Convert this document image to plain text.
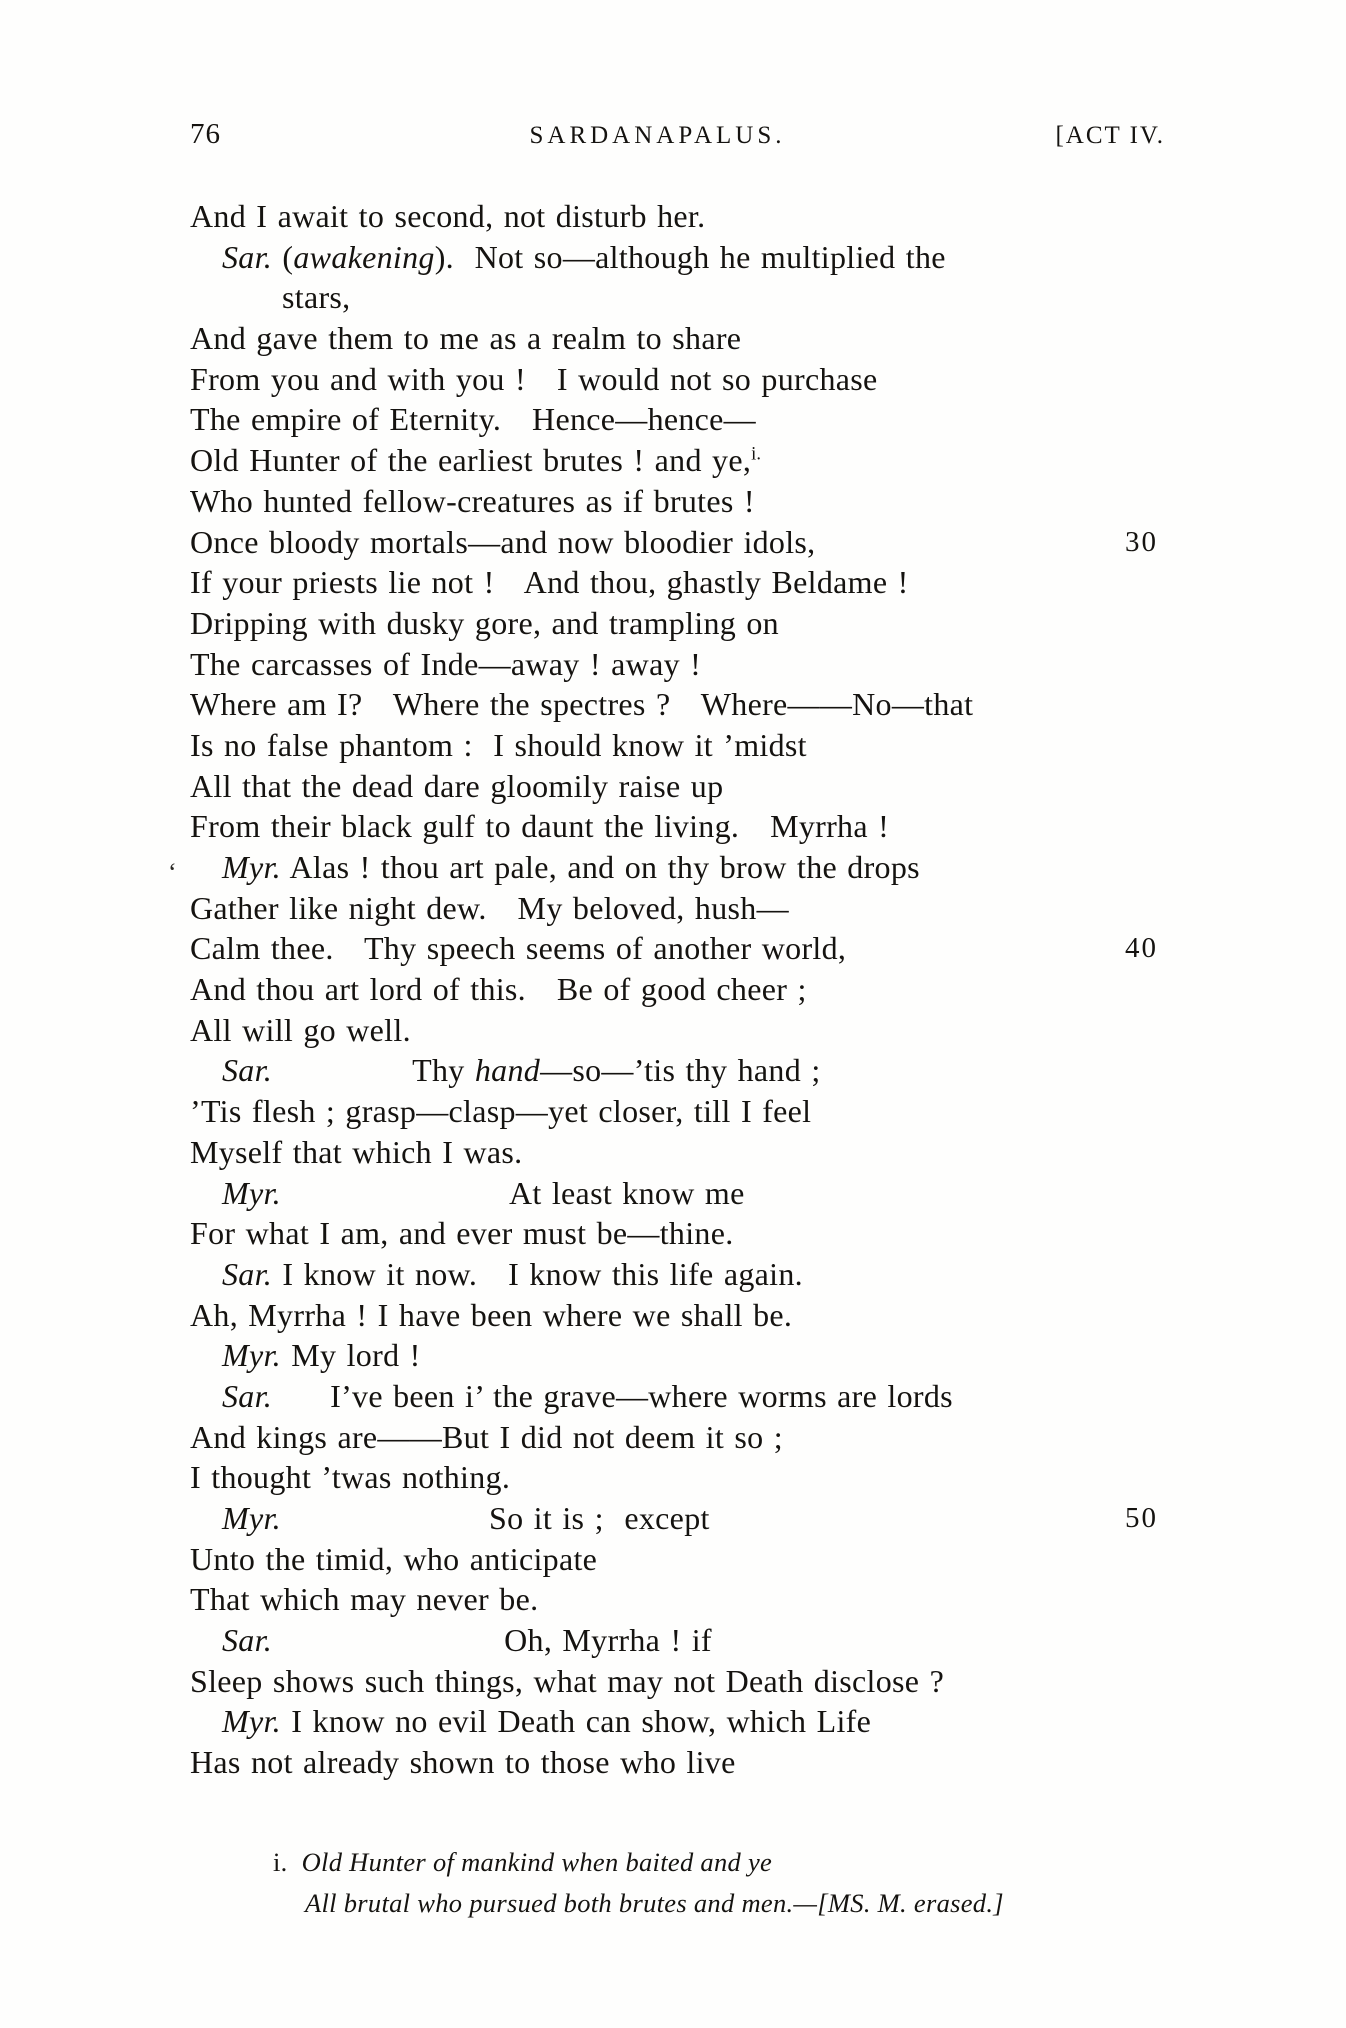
76	SARDANAPALUS.	[ACT IV.
And I await to second, not disturb her.
Sar. (awakening).  Not so—although he multiplied the
stars,
And gave them to me as a realm to share
From you and with you !   I would not so purchase
The empire of Eternity.   Hence—hence—
Old Hunter of the earliest brutes ! and ye,$^{i.}$
Who hunted fellow-creatures as if brutes !
Once bloody mortals—and now bloodier idols,	30
If your priests lie not !   And thou, ghastly Beldame !
Dripping with dusky gore, and trampling on
The carcasses of Inde—away ! away !
Where am I?   Where the spectres ?   Where——No—that
Is no false phantom :  I should know it ’midst
All that the dead dare gloomily raise up
From their black gulf to daunt the living.   Myrrha !
ʻ Myr. Alas ! thou art pale, and on thy brow the drops
Gather like night dew.   My beloved, hush—
Calm thee.   Thy speech seems of another world,	40
And thou art lord of this.   Be of good cheer ;
All will go well.
Sar.	Thy hand—so—’tis thy hand ;
’Tis flesh ; grasp—clasp—yet closer, till I feel
Myself that which I was.
Myr.	At least know me
For what I am, and ever must be—thine.
Sar. I know it now.   I know this life again.
Ah, Myrrha ! I have been where we shall be.
Myr. My lord !
Sar. I’ve been i’ the grave—where worms are lords
And kings are——But I did not deem it so ;
I thought ’twas nothing.
Myr.	So it is ;  except	50
Unto the timid, who anticipate
That which may never be.
Sar.	Oh, Myrrha ! if
Sleep shows such things, what may not Death disclose ?
Myr. I know no evil Death can show, which Life
Has not already shown to those who live
i. Old Hunter of mankind when baited and ye
All brutal who pursued both brutes and men.—[MS. M. erased.]
